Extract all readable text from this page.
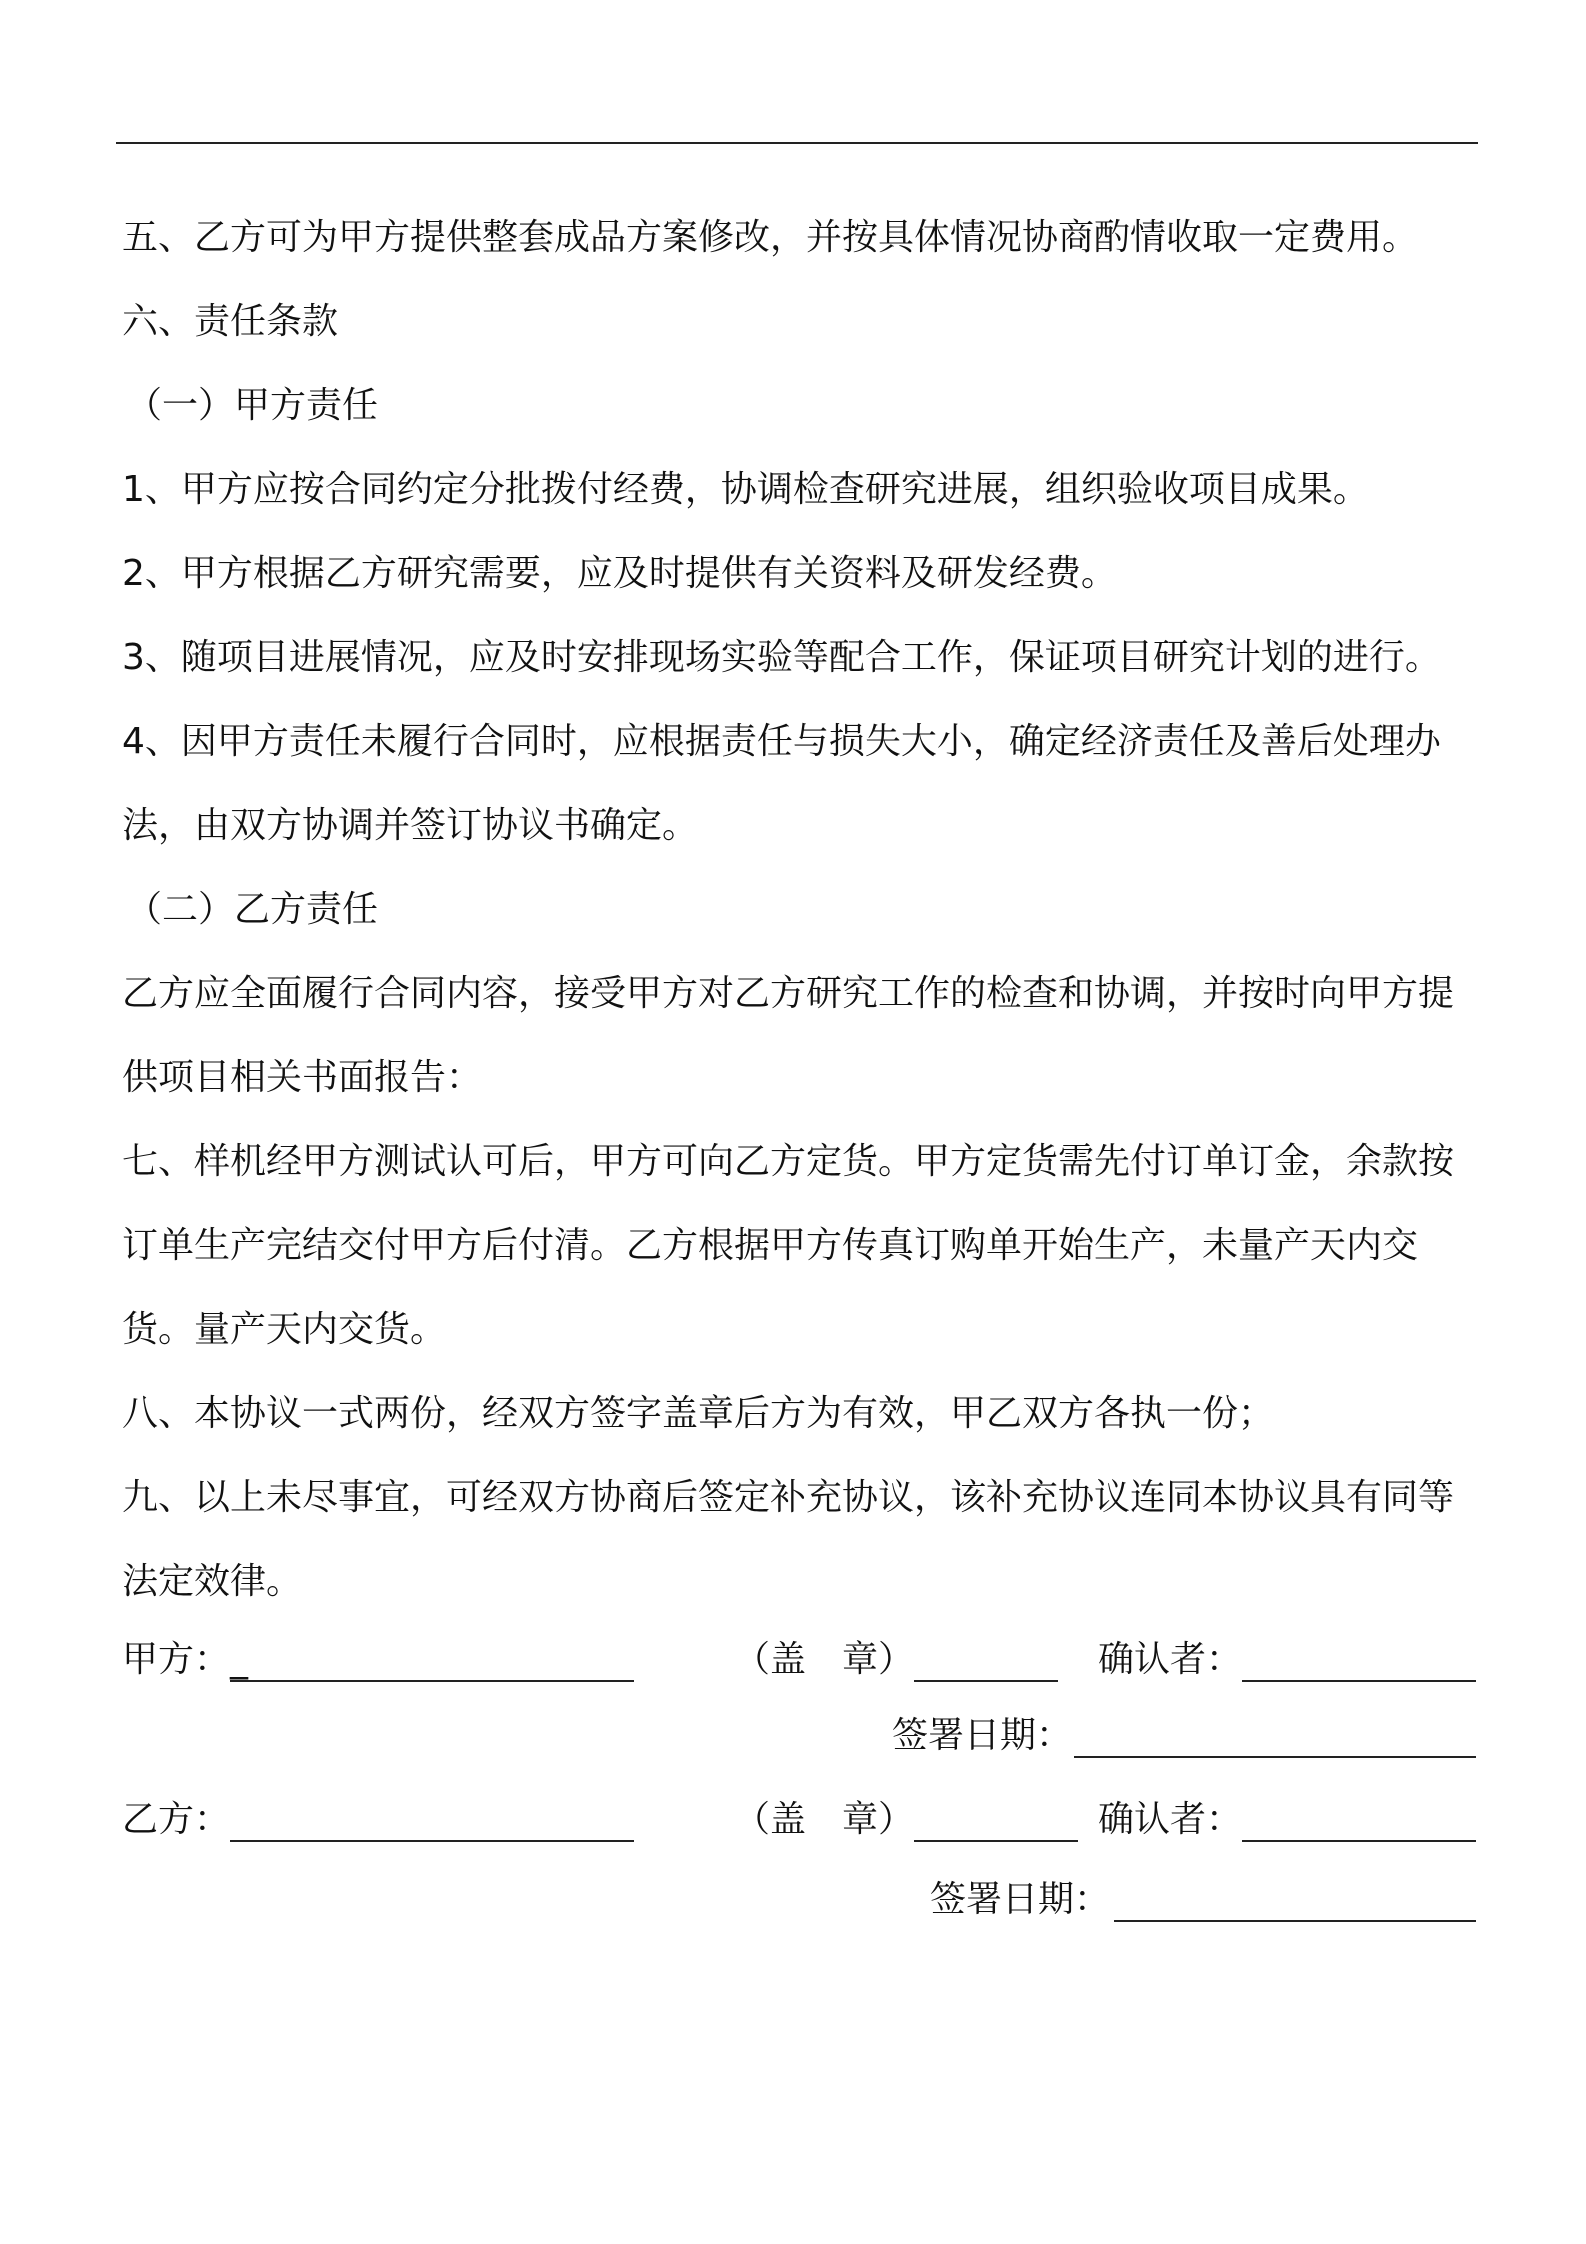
五、乙方可为甲方提供整套成品方案修改，并按具体情况协商酌情收取一定费用。

六、责任条款

（一）甲方责任

1、甲方应按合同约定分批拨付经费，协调检查研究进展，组织验收项目成果。

2、甲方根据乙方研究需要，应及时提供有关资料及研发经费。

3、随项目进展情况，应及时安排现场实验等配合工作，保证项目研究计划的进行。

4、因甲方责任未履行合同时，应根据责任与损失大小，确定经济责任及善后处理办法，由双方协调并签订协议书确定。

（二）乙方责任

乙方应全面履行合同内容，接受甲方对乙方研究工作的检查和协调，并按时向甲方提供项目相关书面报告：

七、样机经甲方测试认可后，甲方可向乙方定货。甲方定货需先付订单订金，余款按订单生产完结交付甲方后付清。乙方根据甲方传真订购单开始生产，未量产天内交货。量产天内交货。

八、本协议一式两份，经双方签字盖章后方为有效，甲乙双方各执一份；

九、以上未尽事宜，可经双方协商后签定补充协议，该补充协议连同本协议具有同等法定效律。

甲方： _	（盖　章）	确认者：
签署日期：
乙方：	（盖　章）	确认者：
签署日期：
